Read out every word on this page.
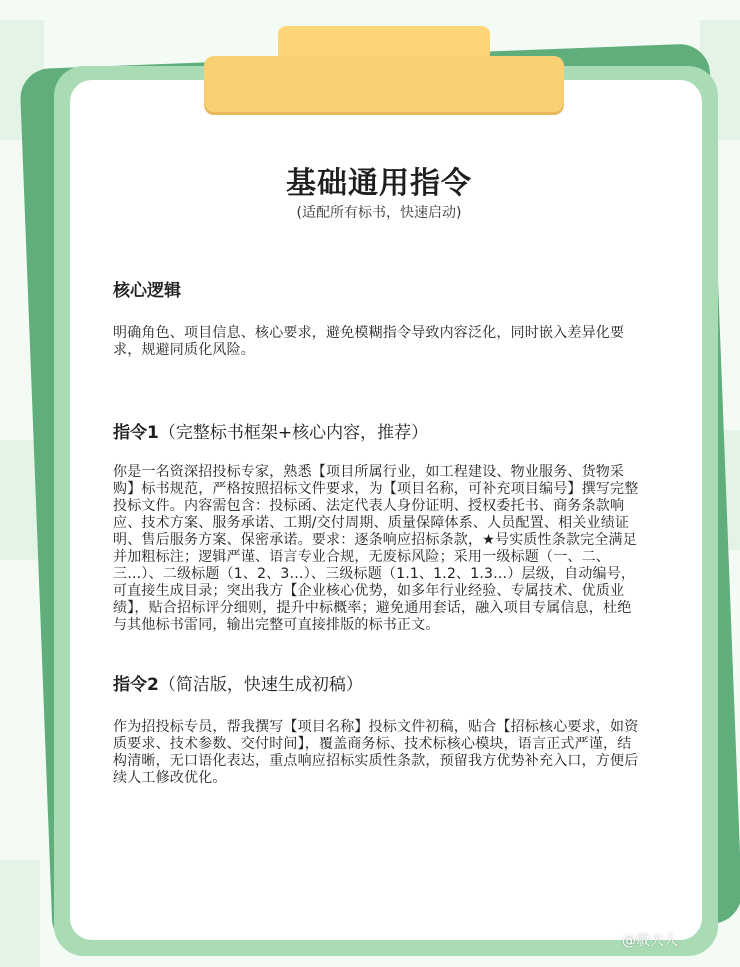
基础通用指令
(适配所有标书，快速启动)
核心逻辑

明确角色、项目信息、核心要求，避免模糊指令导致内容泛化，同时嵌入差异化要求，规避同质化风险。

指令1（完整标书框架+核心内容，推荐）

你是一名资深招投标专家，熟悉【项目所属行业，如工程建设、物业服务、货物采购】标书规范，严格按照招标文件要求，为【项目名称，可补充项目编号】撰写完整投标文件。内容需包含：投标函、法定代表人身份证明、授权委托书、商务条款响应、技术方案、服务承诺、工期/交付周期、质量保障体系、人员配置、相关业绩证明、售后服务方案、保密承诺。要求：逐条响应招标条款，★号实质性条款完全满足并加粗标注；逻辑严谨、语言专业合规，无废标风险；采用一级标题（一、二、三…）、二级标题（1、2、3…）、三级标题（1.1、1.2、1.3…）层级，自动编号，可直接生成目录；突出我方【企业核心优势，如多年行业经验、专属技术、优质业绩】，贴合招标评分细则，提升中标概率；避免通用套话，融入项目专属信息，杜绝与其他标书雷同，输出完整可直接排版的标书正文。

指令2（简洁版，快速生成初稿）

作为招投标专员，帮我撰写【项目名称】投标文件初稿，贴合【招标核心要求，如资质要求、技术参数、交付时间】，覆盖商务标、技术标核心模块，语言正式严谨，结构清晰，无口语化表达，重点响应招标实质性条款，预留我方优势补充入口，方便后续人工修改优化。

@敏大人
